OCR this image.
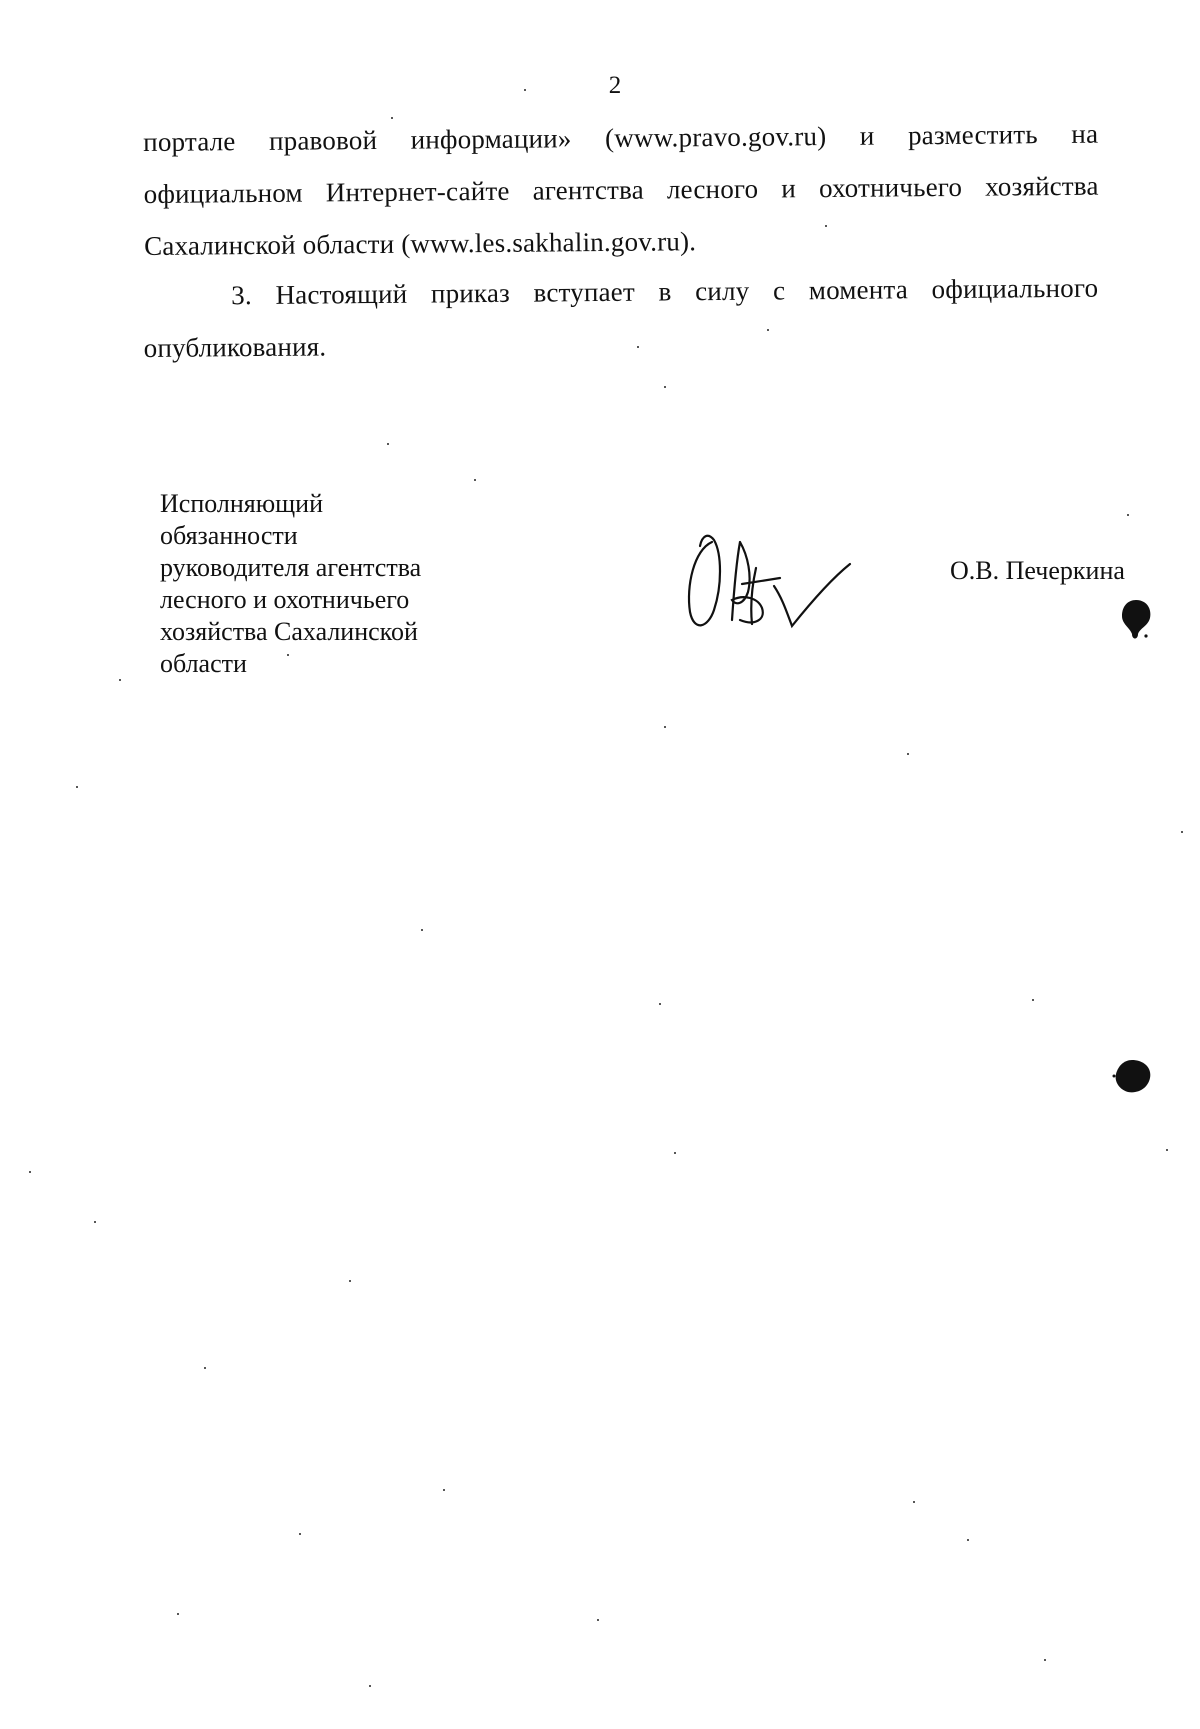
2
порталe правовой информации» (www.pravo.gov.ru) и разместить на
официальном Интернет-сайте агентства лесного и охотничьего хозяйства
Сахалинской области (www.les.sakhalin.gov.ru).
3. Настоящий приказ вступает в силу с момента официального
опубликования.
Исполняющий
обязанности
руководителя агентства
лесного и охотничьего
хозяйства Сахалинской
области
О.В. Печеркина
